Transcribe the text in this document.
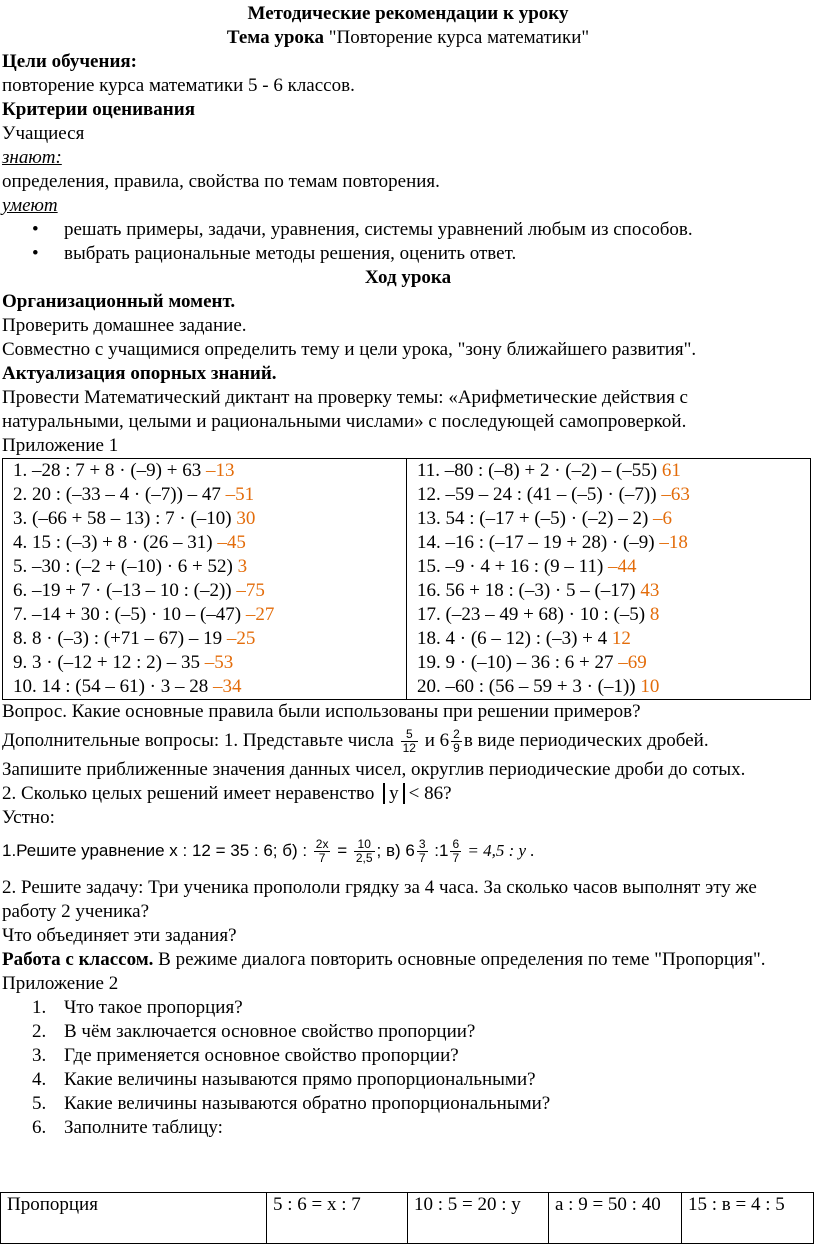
Методические рекомендации к уроку

Тема урока "Повторение курса математики"

Цели обучения:

повторение курса математики 5 - 6 классов.

Критерии оценивания

Учащиеся

знают:

определения, правила, свойства по темам повторения.

умеют

• решать примеры, задачи, уравнения, системы уравнений любым из способов.
• выбрать рациональные методы решения, оценить ответ.

Ход урока

Организационный момент.

Проверить домашнее задание.

Совместно с учащимися определить тему и цели урока, "зону ближайшего развития".

Актуализация опорных знаний.

Провести Математический диктант на проверку темы: «Арифметические действия с натуральными, целыми и рациональными числами» с последующей самопроверкой.

Приложение 1

1. –28 : 7 + 8 · (–9) + 63 –13
2. 20 : (–33 – 4 · (–7)) – 47 –51
3. (–66 + 58 – 13) : 7 · (–10) 30
4. 15 : (–3) + 8 · (26 – 31) –45
5. –30 : (–2 + (–10) · 6 + 52) 3
6. –19 + 7 · (–13 – 10 : (–2)) –75
7. –14 + 30 : (–5) · 10 – (–47) –27
8. 8 · (–3) : (+71 – 67) – 19 –25
9. 3 · (–12 + 12 : 2) – 35 –53
10. 14 : (54 – 61) · 3 – 28 –34

11. –80 : (–8) + 2 · (–2) – (–55) 61
12. –59 – 24 : (41 – (–5) · (–7)) –63
13. 54 : (–17 + (–5) · (–2) – 2) –6
14. –16 : (–17 – 19 + 28) · (–9) –18
15. –9 · 4 + 16 : (9 – 11) –44
16. 56 + 18 : (–3) · 5 – (–17) 43
17. (–23 – 49 + 68) · 10 : (–5) 8
18. 4 · (6 – 12) : (–3) + 4 12
19. 9 · (–10) – 36 : 6 + 27 –69
20. –60 : (56 – 59 + 3 · (–1)) 10

Вопрос. Какие основные правила были использованы при решении примеров?

Дополнительные вопросы: 1. Представьте числа $\frac{5}{12}$ и $6 \frac{2}{9}$ в виде периодических дробей.

Запишите приближенные значения данных чисел, округлив периодические дроби до сотых.

2. Сколько целых решений имеет неравенство y < 86?

Устно:

1.Решите уравнение х : 12 = 35 : 6; б) : $\frac{2х}{7} = \frac{10}{2,5}$ ; в) $6 \frac{3}{7}$ :1 $\frac{6}{7} = 4,5$ : y .

2. Решите задачу: Три ученика пропололи грядку за 4 часа. За сколько часов выполнят эту же работу 2 ученика?

Что объединяет эти задания?

Работа с классом. В режиме диалога повторить основные определения по теме "Пропорция".

Приложение 2

1. Что такое пропорция?
2. В чём заключается основное свойство пропорции?
3. Где применяется основное свойство пропорции?
4. Какие величины называются прямо пропорциональными?
5. Какие величины называются обратно пропорциональными?
6. Заполните таблицу:
Пропорция	5 : 6 = х : 7	10 : 5 = 20 : у	а : 9 = 50 : 40	15 : в = 4 : 5
